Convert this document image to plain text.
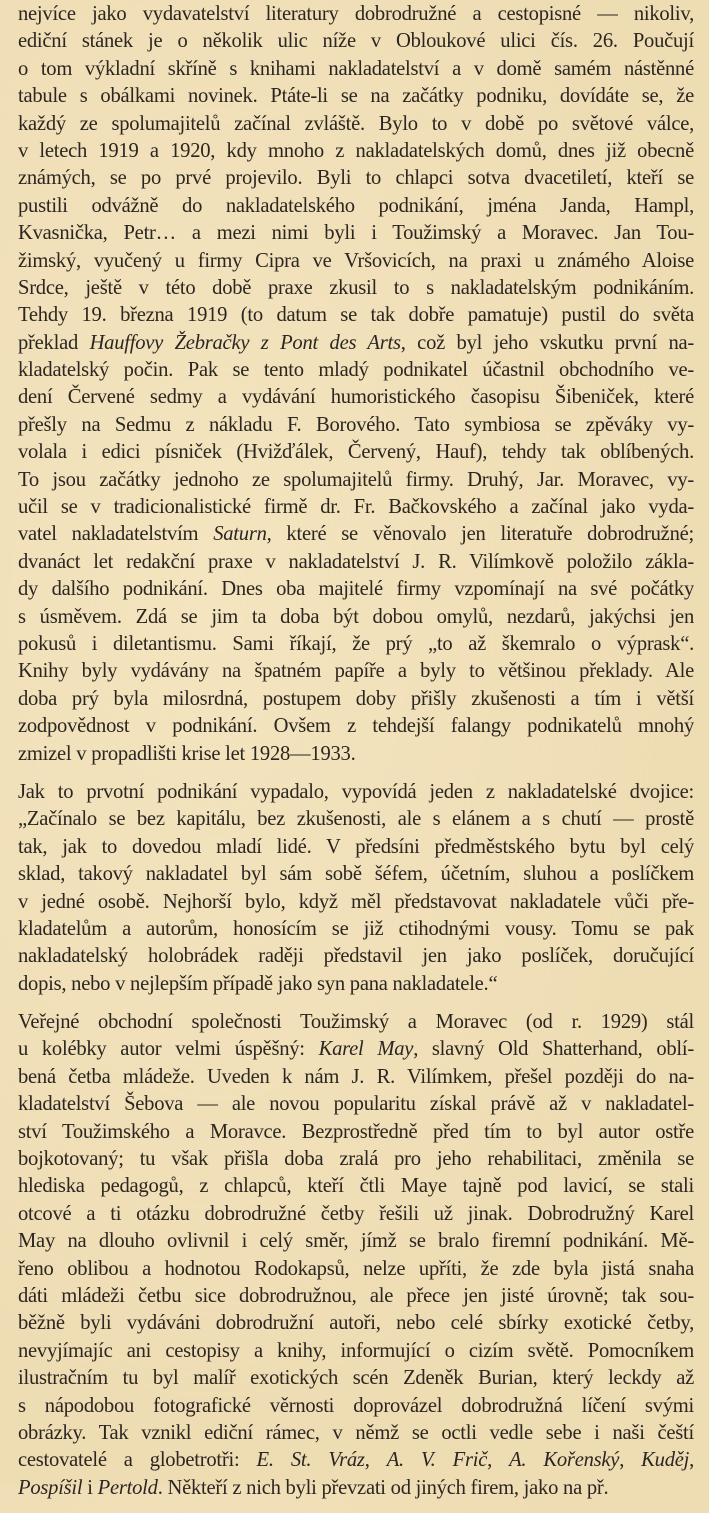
nejvíce jako vydavatelství literatury dobrodružné a cestopisné — nikoliv,
ediční stánek je o několik ulic níže v Obloukové ulici čís. 26. Poučují
o tom výkladní skříně s knihami nakladatelství a v domě samém nástěnné
tabule s obálkami novinek. Ptáte-li se na začátky podniku, dovídáte se, že
každý ze spolumajitelů začínal zvláště. Bylo to v době po světové válce,
v letech 1919 a 1920, kdy mnoho z nakladatelských domů, dnes již obecně
známých, se po prvé projevilo. Byli to chlapci sotva dvacetiletí, kteří se
pustili odvážně do nakladatelského podnikání, jména Janda, Hampl,
Kvasnička, Petr… a mezi nimi byli i Toužimský a Moravec. Jan Tou-
žimský, vyučený u firmy Cipra ve Vršovicích, na praxi u známého Aloise
Srdce, ještě v této době praxe zkusil to s nakladatelským podnikáním.
Tehdy 19. března 1919 (to datum se tak dobře pamatuje) pustil do světa
překlad Hauffovy Žebračky z Pont des Arts, což byl jeho vskutku první na-
kladatelský počin. Pak se tento mladý podnikatel účastnil obchodního ve-
dení Červené sedmy a vydávání humoristického časopisu Šibeniček, které
přešly na Sedmu z nákladu F. Borového. Tato symbiosa se zpěváky vy-
volala i edici písniček (Hvižďálek, Červený, Hauf), tehdy tak oblíbených.
To jsou začátky jednoho ze spolumajitelů firmy. Druhý, Jar. Moravec, vy-
učil se v tradicionalistické firmě dr. Fr. Bačkovského a začínal jako vyda-
vatel nakladatelstvím Saturn, které se věnovalo jen literatuře dobrodružné;
dvanáct let redakční praxe v nakladatelství J. R. Vilímkově položilo zákla-
dy dalšího podnikání. Dnes oba majitelé firmy vzpomínají na své počátky
s úsměvem. Zdá se jim ta doba být dobou omylů, nezdarů, jakýchsi jen
pokusů i diletantismu. Sami říkají, že prý „to až škemralo o výprask“.
Knihy byly vydávány na špatném papíře a byly to většinou překlady. Ale
doba prý byla milosrdná, postupem doby přišly zkušenosti a tím i větší
zodpovědnost v podnikání. Ovšem z tehdejší falangy podnikatelů mnohý
zmizel v propadlišti krise let 1928—1933.
Jak to prvotní podnikání vypadalo, vypovídá jeden z nakladatelské dvojice:
„Začínalo se bez kapitálu, bez zkušenosti, ale s elánem a s chutí — prostě
tak, jak to dovedou mladí lidé. V předsíni předměstského bytu byl celý
sklad, takový nakladatel byl sám sobě šéfem, účetním, sluhou a poslíčkem
v jedné osobě. Nejhorší bylo, když měl představovat nakladatele vůči pře-
kladatelům a autorům, honosícím se již ctihodnými vousy. Tomu se pak
nakladatelský holobrádek raději představil jen jako poslíček, doručující
dopis, nebo v nejlepším případě jako syn pana nakladatele.“
Veřejné obchodní společnosti Toužimský a Moravec (od r. 1929) stál
u kolébky autor velmi úspěšný: Karel May, slavný Old Shatterhand, oblí-
bená četba mládeže. Uveden k nám J. R. Vilímkem, přešel později do na-
kladatelství Šebova — ale novou popularitu získal právě až v nakladatel-
ství Toužimského a Moravce. Bezprostředně před tím to byl autor ostře
bojkotovaný; tu však přišla doba zralá pro jeho rehabilitaci, změnila se
hlediska pedagogů, z chlapců, kteří čtli Maye tajně pod lavicí, se stali
otcové a ti otázku dobrodružné četby řešili už jinak. Dobrodružný Karel
May na dlouho ovlivnil i celý směr, jímž se bralo firemní podnikání. Mě-
řeno oblibou a hodnotou Rodokapsů, nelze upříti, že zde byla jistá snaha
dáti mládeži četbu sice dobrodružnou, ale přece jen jisté úrovně; tak sou-
běžně byli vydáváni dobrodružní autoři, nebo celé sbírky exotické četby,
nevyjímajíc ani cestopisy a knihy, informující o cizím světě. Pomocníkem
ilustračním tu byl malíř exotických scén Zdeněk Burian, který leckdy až
s nápodobou fotografické věrnosti doprovázel dobrodružná líčení svými
obrázky. Tak vznikl ediční rámec, v němž se octli vedle sebe i naši čeští
cestovatelé a globetrotři: E. St. Vráz, A. V. Frič, A. Kořenský, Kuděj,
Pospíšil i Pertold. Někteří z nich byli převzati od jiných firem, jako na př.
